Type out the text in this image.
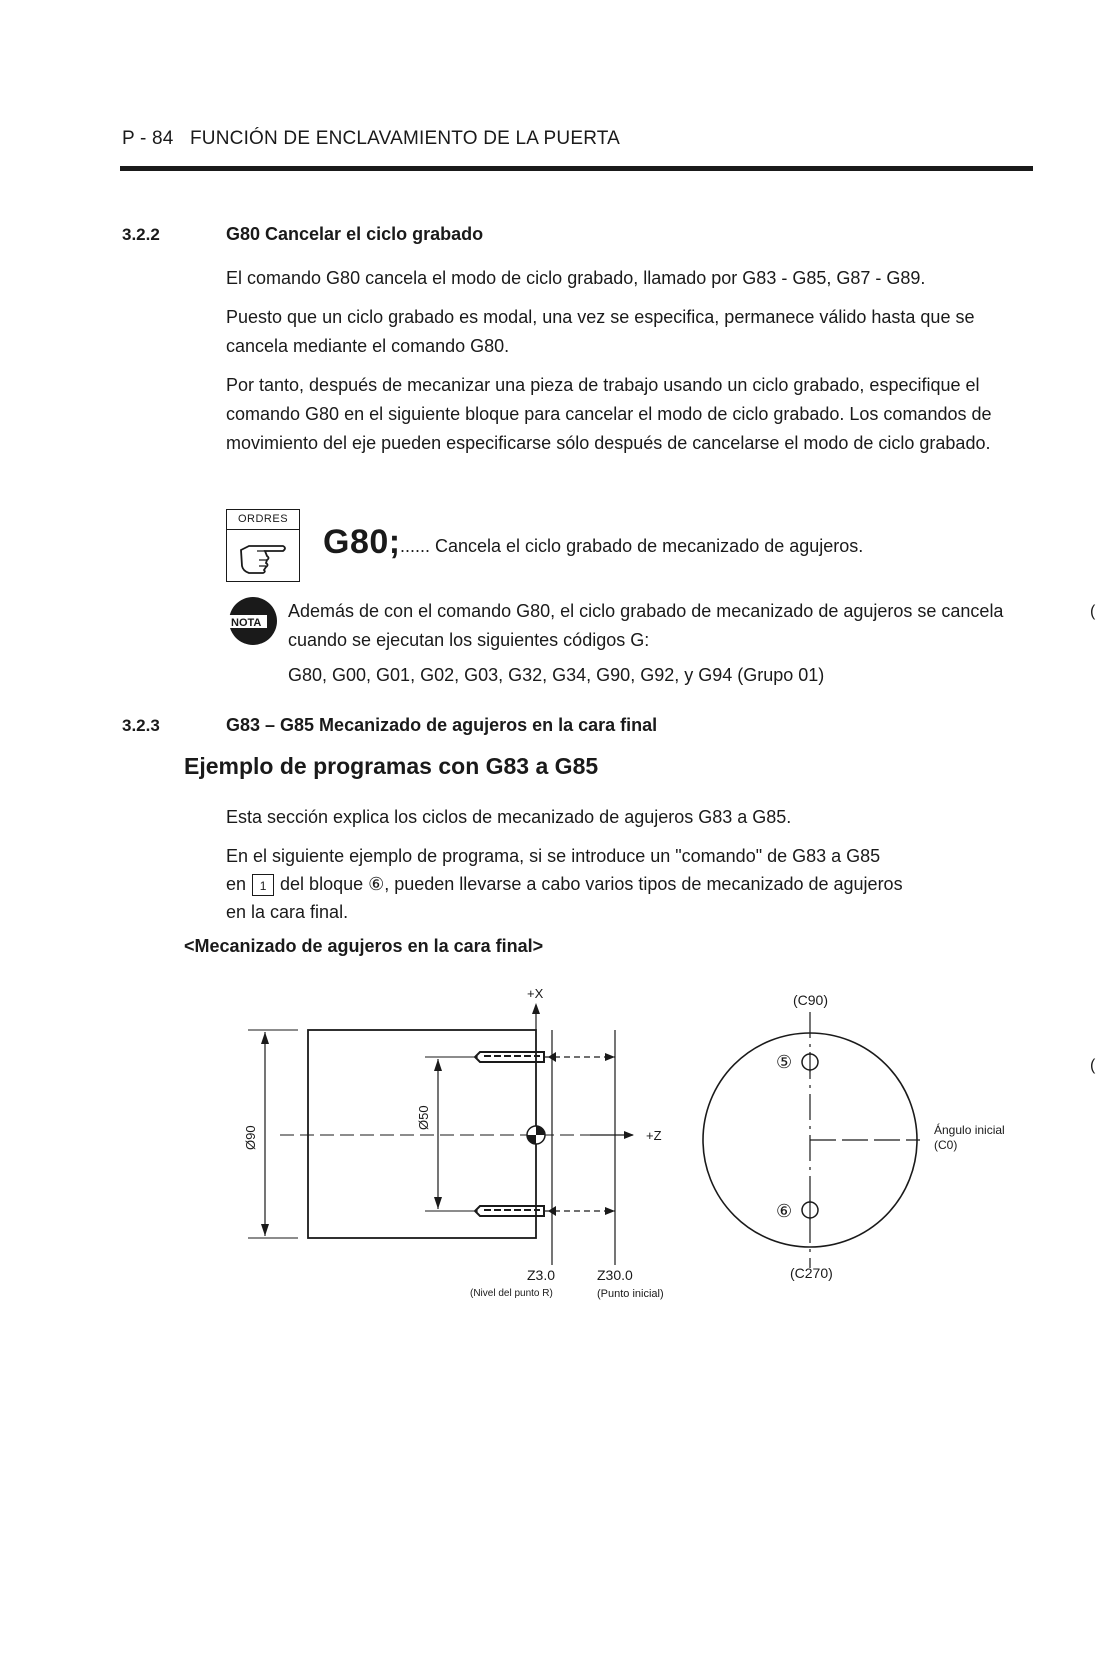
P - 84 FUNCIÓN DE ENCLAVAMIENTO DE LA PUERTA
3.2.2	G80 Cancelar el ciclo grabado

El comando G80 cancela el modo de ciclo grabado, llamado por G83 - G85, G87 - G89.

Puesto que un ciclo grabado es modal, una vez se especifica, permanece válido hasta que se cancela mediante el comando G80.

Por tanto, después de mecanizar una pieza de trabajo usando un ciclo grabado, especifique el comando G80 en el siguiente bloque para cancelar el modo de ciclo grabado. Los comandos de movimiento del eje pueden especificarse sólo después de cancelarse el modo de ciclo grabado.

ORDRES
G80; ...... Cancela el ciclo grabado de mecanizado de agujeros.
NOTA
Además de con el comando G80, el ciclo grabado de mecanizado de agujeros se cancela cuando se ejecutan los siguientes códigos G:
G80, G00, G01, G02, G03, G32, G34, G90, G92, y G94 (Grupo 01)
3.2.3	G83 – G85 Mecanizado de agujeros en la cara final
Ejemplo de programas con G83 a G85
Esta sección explica los ciclos de mecanizado de agujeros G83 a G85.
En el siguiente ejemplo de programa, si se introduce un "comando" de G83 a G85
en 1 del bloque ⑥, pueden llevarse a cabo varios tipos de mecanizado de agujeros
en la cara final.
<Mecanizado de agujeros en la cara final>
Ø90	+Z
+X
Ø50
Z3.0
(Nivel del punto R)
Z30.0
(Punto inicial)
⑤
⑥
(C90)
(C270)
Ángulo inicial
(C0)
(
(
